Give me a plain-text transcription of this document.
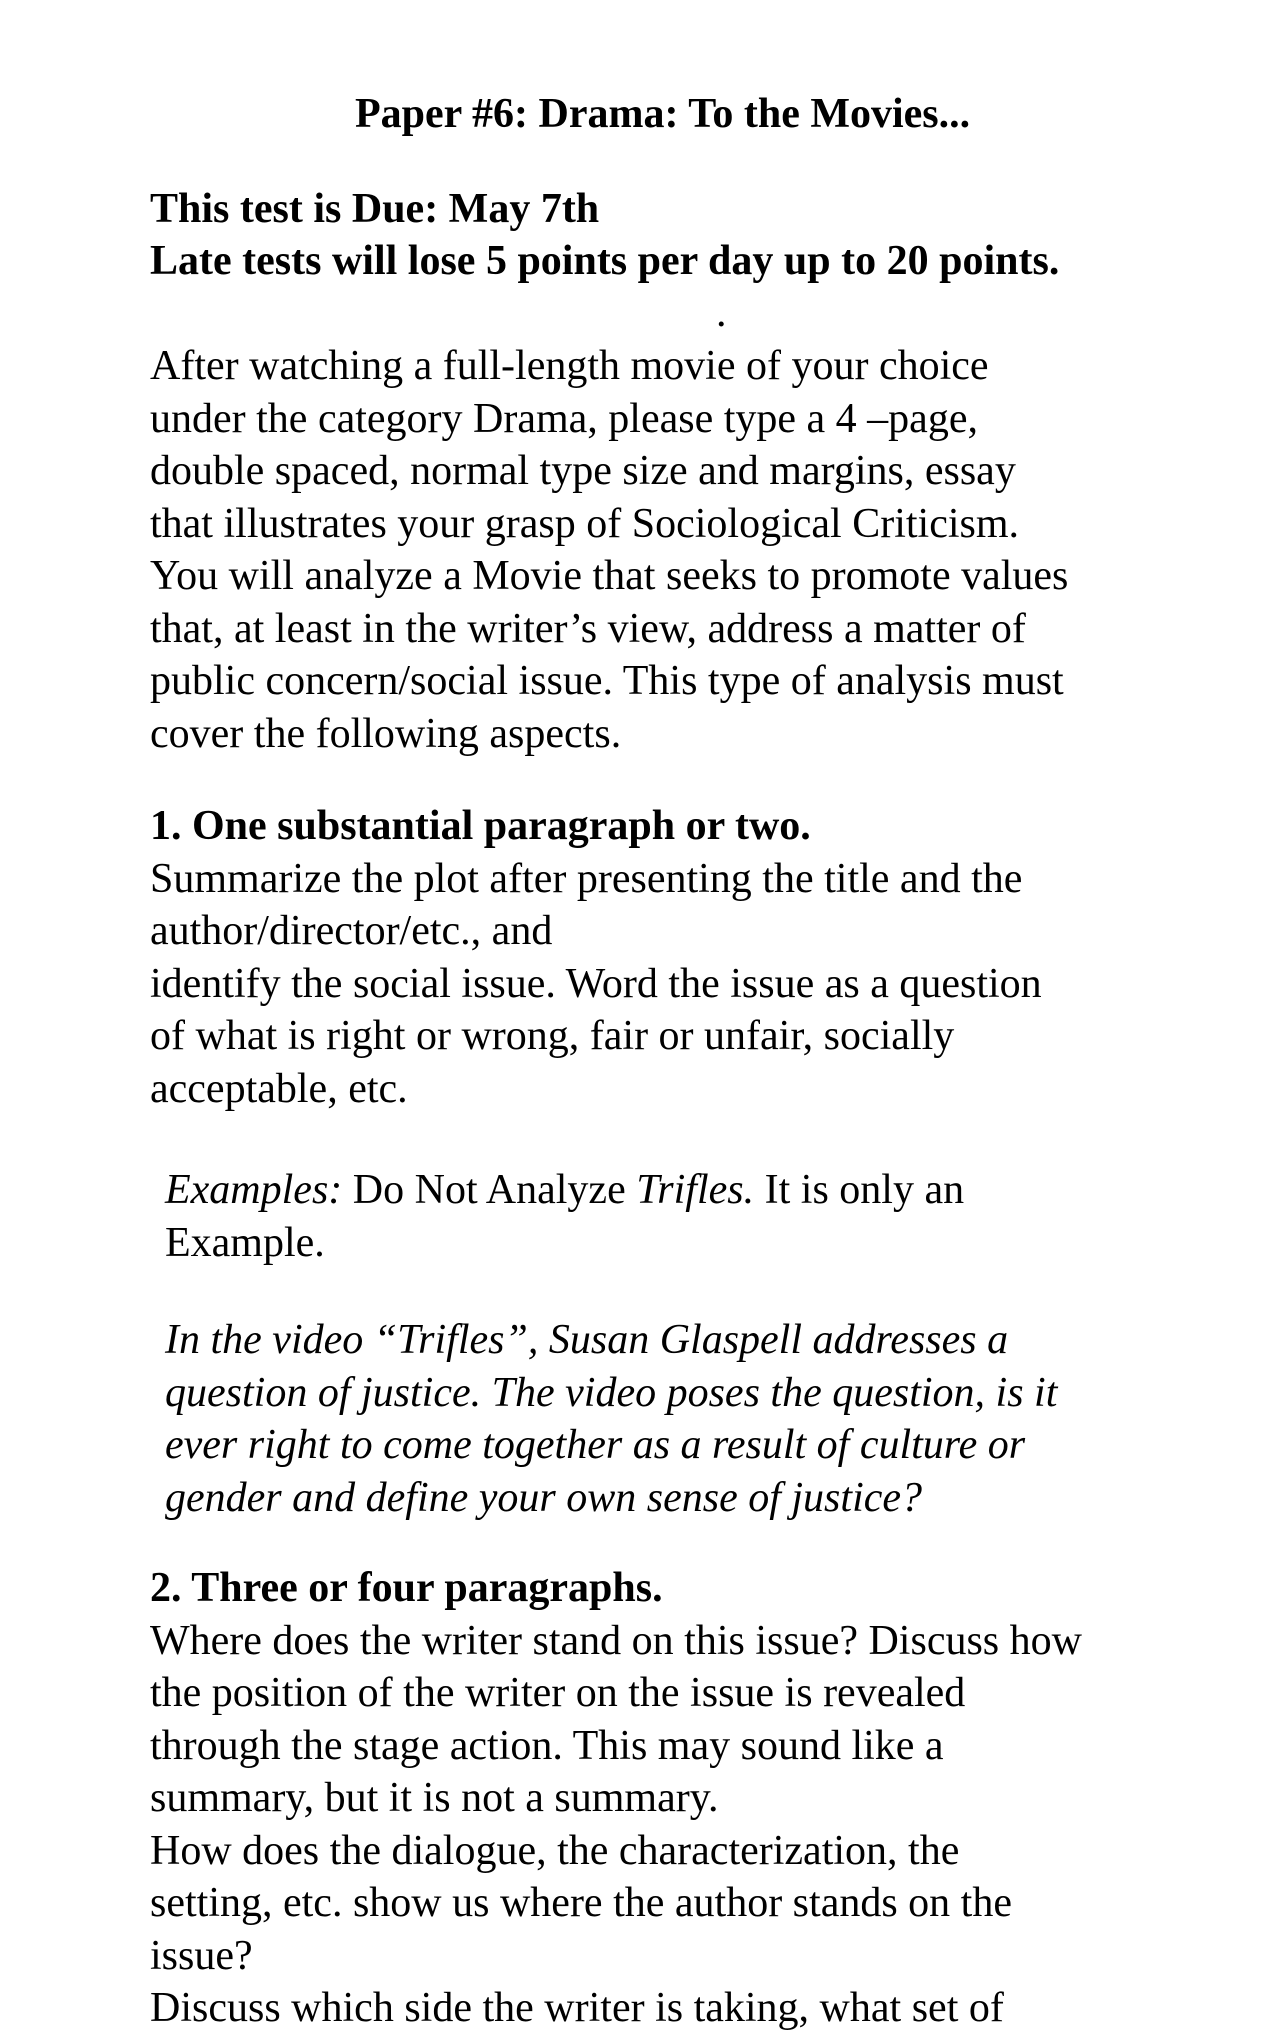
Paper #6: Drama: To the Movies...
This test is Due: May 7th
Late tests will lose 5 points per day up to 20 points.
.
After watching a full-length movie of your choice
under the category Drama, please type a 4 –page,
double spaced, normal type size and margins, essay
that illustrates your grasp of Sociological Criticism.
You will analyze a Movie that seeks to promote values
that, at least in the writer’s view, address a matter of
public concern/social issue. This type of analysis must
cover the following aspects.
1. One substantial paragraph or two.
Summarize the plot after presenting the title and the
author/director/etc., and
identify the social issue. Word the issue as a question
of what is right or wrong, fair or unfair, socially
acceptable, etc.
Examples: Do Not Analyze Trifles. It is only an
Example.
In the video “Trifles”, Susan Glaspell addresses a
question of justice. The video poses the question, is it
ever right to come together as a result of culture or
gender and define your own sense of justice?
2. Three or four paragraphs.
Where does the writer stand on this issue? Discuss how
the position of the writer on the issue is revealed
through the stage action. This may sound like a
summary, but it is not a summary.
How does the dialogue, the characterization, the
setting, etc. show us where the author stands on the
issue?
Discuss which side the writer is taking, what set of
